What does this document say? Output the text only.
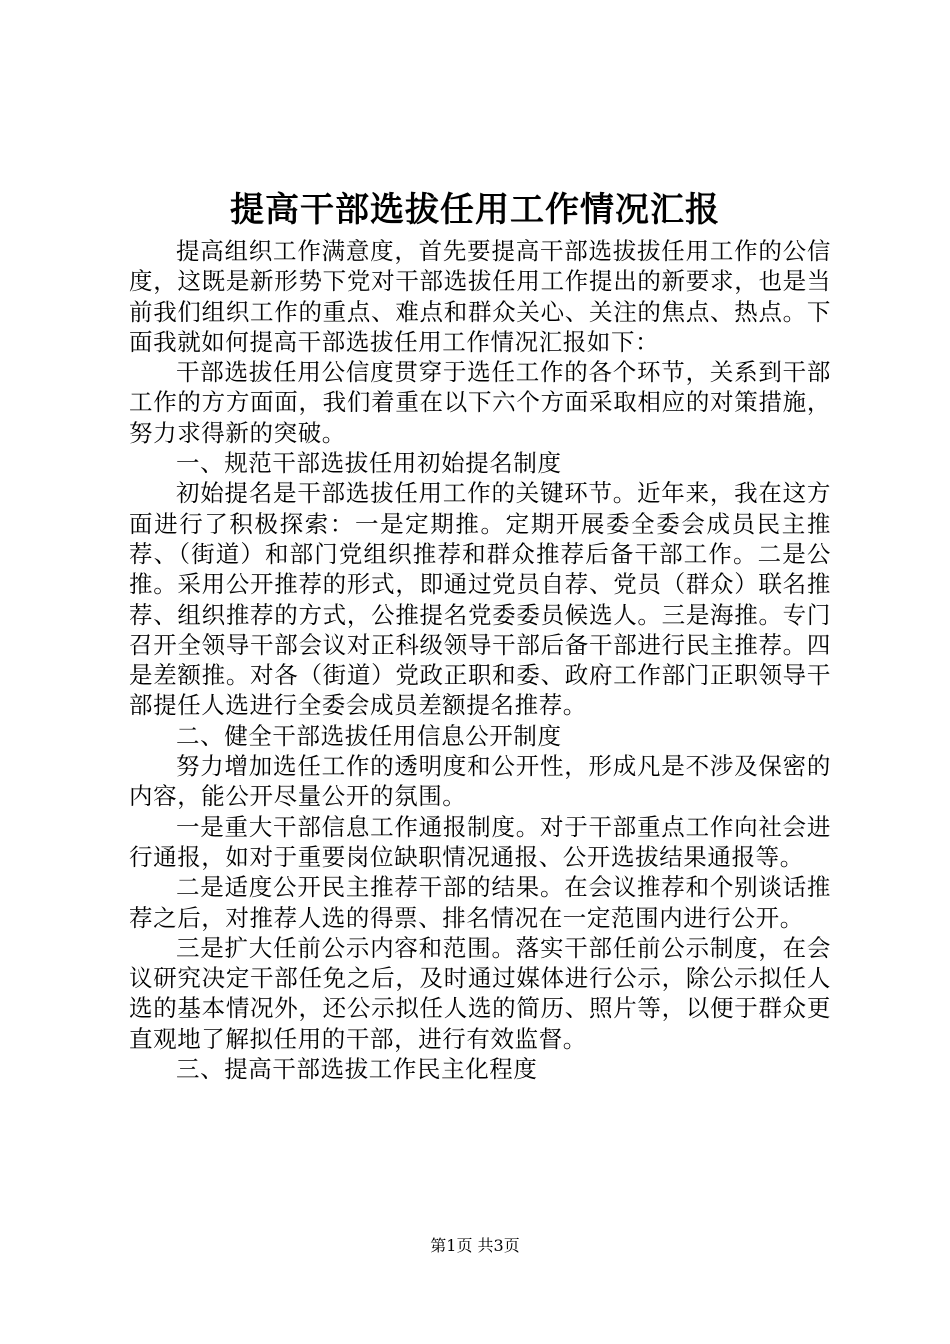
提高干部选拔任用工作情况汇报

提高组织工作满意度，首先要提高干部选拔拔任用工作的公信度，这既是新形势下党对干部选拔任用工作提出的新要求，也是当前我们组织工作的重点、难点和群众关心、关注的焦点、热点。下面我就如何提高干部选拔任用工作情况汇报如下：

干部选拔任用公信度贯穿于选任工作的各个环节，关系到干部工作的方方面面，我们着重在以下六个方面采取相应的对策措施，努力求得新的突破。

一、规范干部选拔任用初始提名制度

初始提名是干部选拔任用工作的关键环节。近年来，我在这方面进行了积极探索：一是定期推。定期开展委全委会成员民主推荐、（街道）和部门党组织推荐和群众推荐后备干部工作。二是公推。采用公开推荐的形式，即通过党员自荐、党员（群众）联名推荐、组织推荐的方式，公推提名党委委员候选人。三是海推。专门召开全领导干部会议对正科级领导干部后备干部进行民主推荐。四是差额推。对各（街道）党政正职和委、政府工作部门正职领导干部提任人选进行全委会成员差额提名推荐。

二、健全干部选拔任用信息公开制度

努力增加选任工作的透明度和公开性，形成凡是不涉及保密的内容，能公开尽量公开的氛围。

一是重大干部信息工作通报制度。对于干部重点工作向社会进行通报，如对于重要岗位缺职情况通报、公开选拔结果通报等。

二是适度公开民主推荐干部的结果。在会议推荐和个别谈话推荐之后，对推荐人选的得票、排名情况在一定范围内进行公开。

三是扩大任前公示内容和范围。落实干部任前公示制度，在会议研究决定干部任免之后，及时通过媒体进行公示，除公示拟任人选的基本情况外，还公示拟任人选的简历、照片等，以便于群众更直观地了解拟任用的干部，进行有效监督。

三、提高干部选拔工作民主化程度

第1页 共3页
